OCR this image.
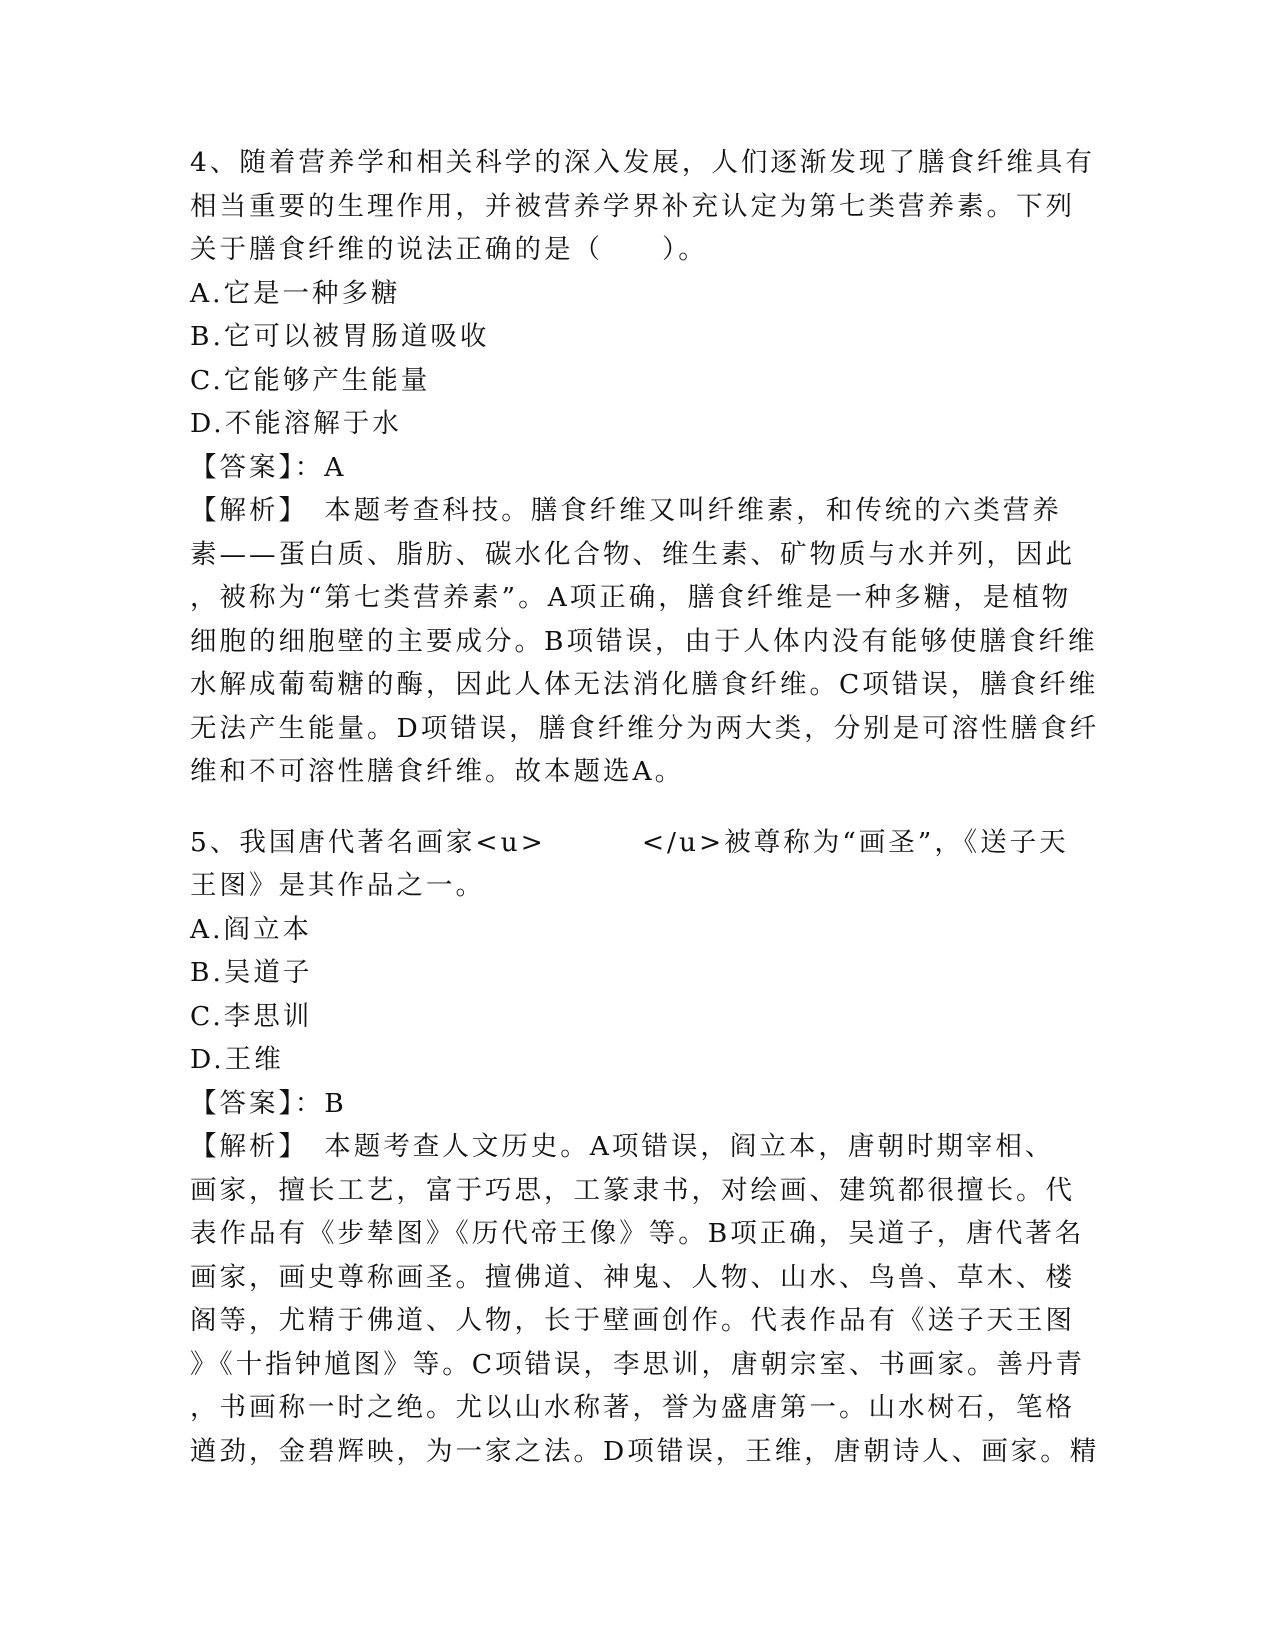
4、随着营养学和相关科学的深入发展，人们逐渐发现了膳食纤维具有
相当重要的生理作用，并被营养学界补充认定为第七类营养素。下列
关于膳食纤维的说法正确的是（　　）。
A.它是一种多糖
B.它可以被胃肠道吸收
C.它能够产生能量
D.不能溶解于水
【答案】：A
【解析】　本题考查科技。膳食纤维又叫纤维素，和传统的六类营养
素——蛋白质、脂肪、碳水化合物、维生素、矿物质与水并列，因此
，被称为“第七类营养素”。A项正确，膳食纤维是一种多糖，是植物
细胞的细胞壁的主要成分。B项错误，由于人体内没有能够使膳食纤维
水解成葡萄糖的酶，因此人体无法消化膳食纤维。C项错误，膳食纤维
无法产生能量。D项错误，膳食纤维分为两大类，分别是可溶性膳食纤
维和不可溶性膳食纤维。故本题选A。
5、我国唐代著名画家<u>	</u>被尊称为“画圣”，《送子天
王图》是其作品之一。
A.阎立本
B.吴道子
C.李思训
D.王维
【答案】：B
【解析】　本题考查人文历史。A项错误，阎立本，唐朝时期宰相、
画家，擅长工艺，富于巧思，工篆隶书，对绘画、建筑都很擅长。代
表作品有《步辇图》《历代帝王像》等。B项正确，吴道子，唐代著名
画家，画史尊称画圣。擅佛道、神鬼、人物、山水、鸟兽、草木、楼
阁等，尤精于佛道、人物，长于壁画创作。代表作品有《送子天王图
》《十指钟馗图》等。C项错误，李思训，唐朝宗室、书画家。善丹青
，书画称一时之绝。尤以山水称著，誉为盛唐第一。山水树石，笔格
遒劲，金碧辉映，为一家之法。D项错误，王维，唐朝诗人、画家。精
